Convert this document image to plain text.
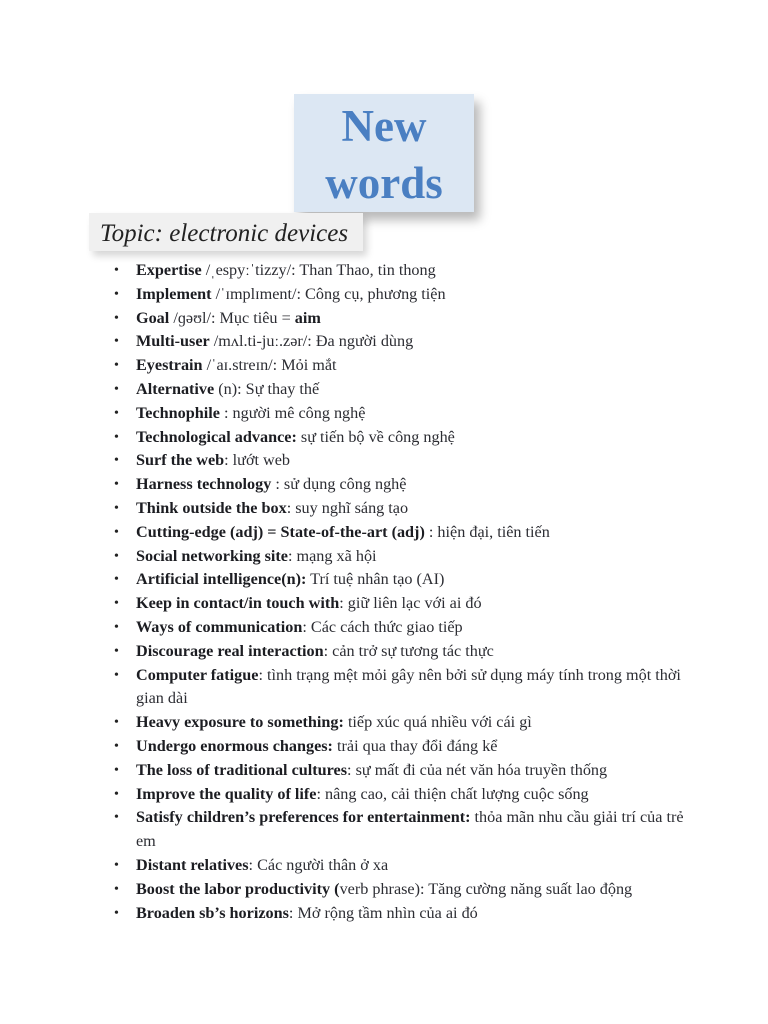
New
words
Topic: electronic devices
• Expertise /ˌespyːˈtizzy/: Than Thao, tin thong
• Implement /ˈɪmplɪment/: Công cụ, phương tiện
• Goal /ɡəʊl/: Mục tiêu = aim
• Multi-user /mʌl.ti-juː.zər/: Đa người dùng
• Eyestrain /ˈaɪ.streɪn/: Mỏi mắt
• Alternative (n): Sự thay thế
• Technophile : người mê công nghệ
• Technological advance: sự tiến bộ về công nghệ
• Surf the web: lướt web
• Harness technology : sử dụng công nghệ
• Think outside the box: suy nghĩ sáng tạo
• Cutting-edge (adj) = State-of-the-art (adj) : hiện đại, tiên tiến
• Social networking site: mạng xã hội
• Artificial intelligence(n): Trí tuệ nhân tạo (AI)
• Keep in contact/in touch with: giữ liên lạc với ai đó
• Ways of communication: Các cách thức giao tiếp
• Discourage real interaction: cản trở sự tương tác thực
• Computer fatigue: tình trạng mệt mỏi gây nên bởi sử dụng máy tính trong một thời gian dài
• Heavy exposure to something: tiếp xúc quá nhiều với cái gì
• Undergo enormous changes: trải qua thay đổi đáng kể
• The loss of traditional cultures: sự mất đi của nét văn hóa truyền thống
• Improve the quality of life: nâng cao, cải thiện chất lượng cuộc sống
• Satisfy children’s preferences for entertainment: thỏa mãn nhu cầu giải trí của trẻ em
• Distant relatives: Các người thân ở xa
• Boost the labor productivity (verb phrase): Tăng cường năng suất lao động
• Broaden sb’s horizons: Mở rộng tầm nhìn của ai đó
